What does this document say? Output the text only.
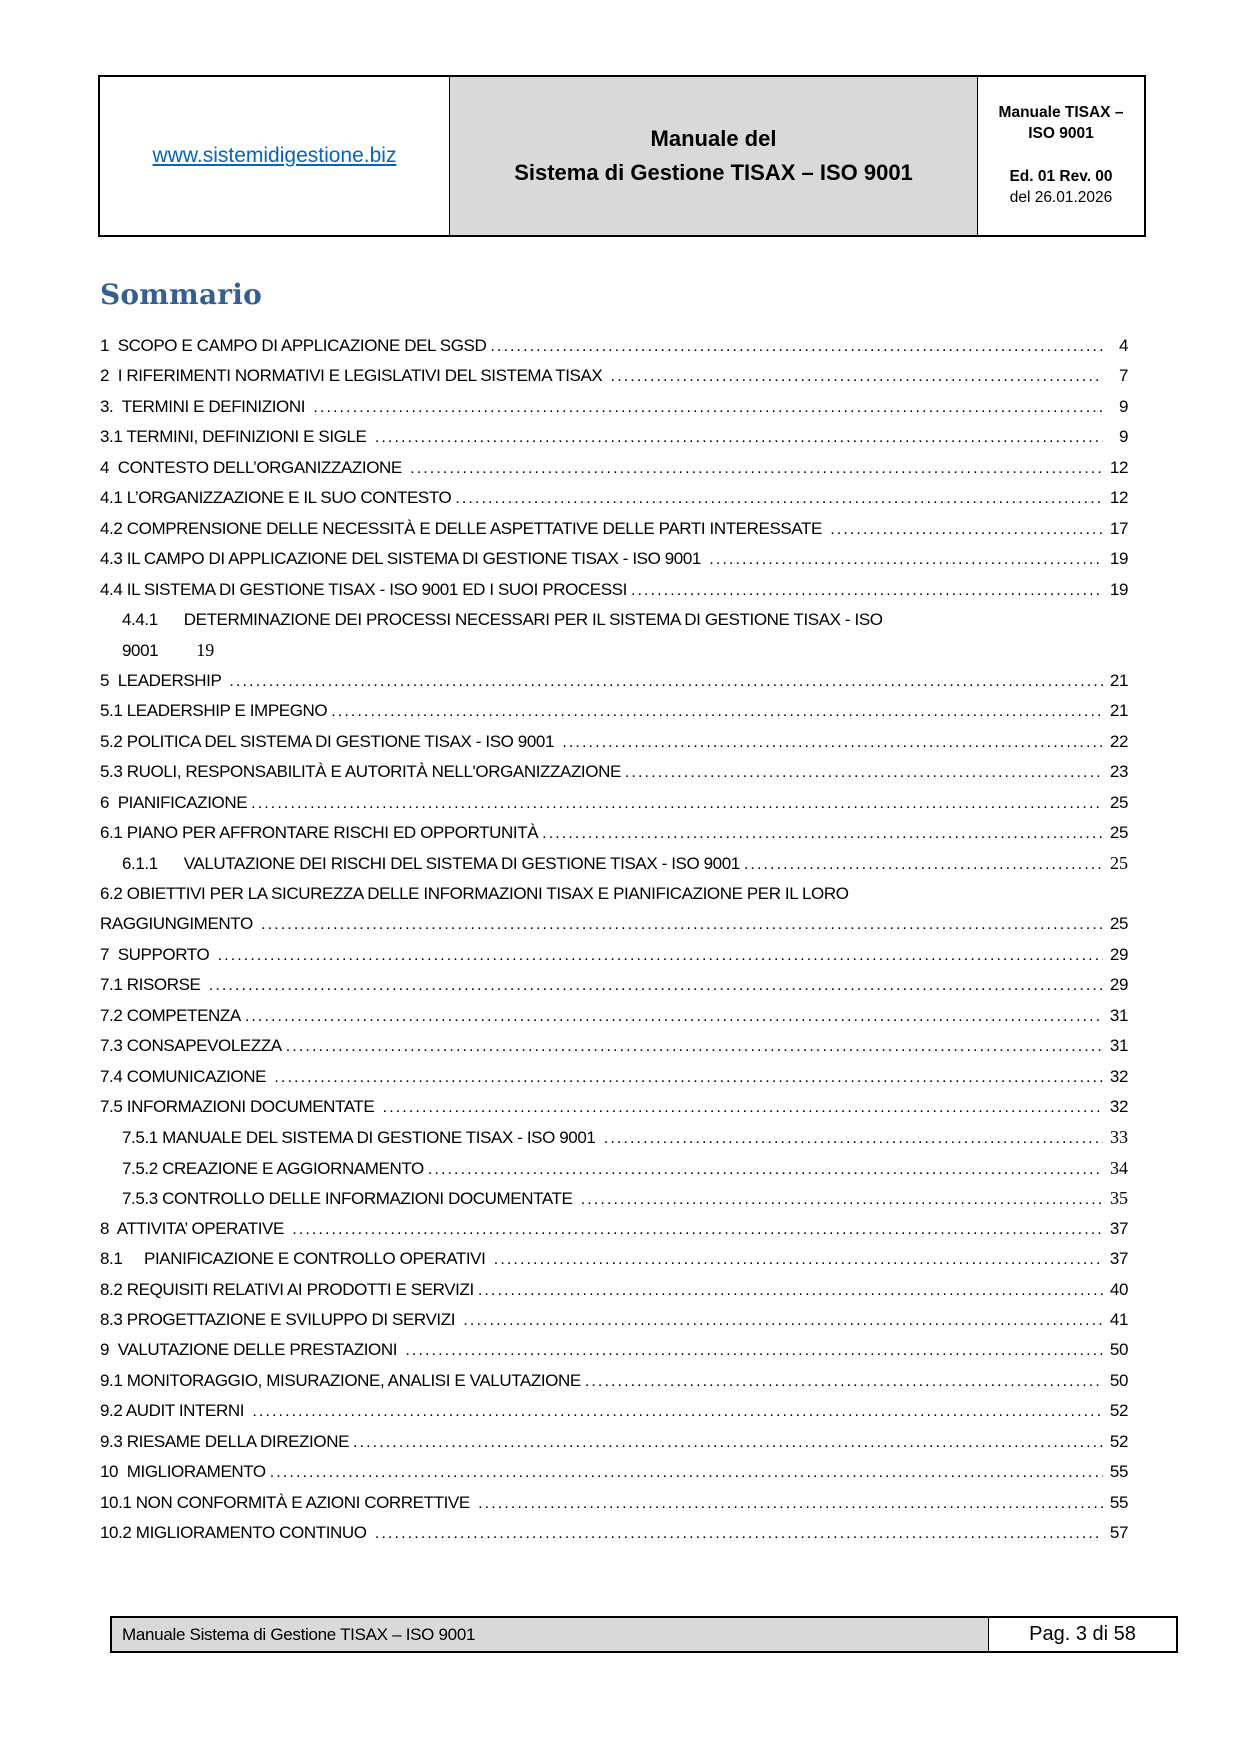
www.sistemidigestione.biz
Manuale del
Sistema di Gestione TISAX – ISO 9001
Manuale TISAX –
ISO 9001
Ed. 01 Rev. 00
del 26.01.2026
Sommario
1  SCOPO E CAMPO DI APPLICAZIONE DEL SGSD .....	4
2  I RIFERIMENTI NORMATIVI E LEGISLATIVI DEL SISTEMA TISAX .....	7
3.  TERMINI E DEFINIZIONI .....	9
3.1 TERMINI, DEFINIZIONI E SIGLE .....	9
4  CONTESTO DELL’ORGANIZZAZIONE .....	12
4.1 L’ORGANIZZAZIONE E IL SUO CONTESTO .....	12
4.2 COMPRENSIONE DELLE NECESSITÀ E DELLE ASPETTATIVE DELLE PARTI INTERESSATE .....	17
4.3 IL CAMPO DI APPLICAZIONE DEL SISTEMA DI GESTIONE TISAX - ISO 9001 .....	19
4.4 IL SISTEMA DI GESTIONE TISAX - ISO 9001 ED I SUOI PROCESSI .....	19
4.4.1      DETERMINAZIONE DEI PROCESSI NECESSARI PER IL SISTEMA DI GESTIONE TISAX - ISO
9001 19
5  LEADERSHIP .....	21
5.1 LEADERSHIP E IMPEGNO .....	21
5.2 POLITICA DEL SISTEMA DI GESTIONE TISAX - ISO 9001 .....	22
5.3 RUOLI, RESPONSABILITÀ E AUTORITÀ NELL'ORGANIZZAZIONE .....	23
6  PIANIFICAZIONE .....	25
6.1 PIANO PER AFFRONTARE RISCHI ED OPPORTUNITÀ .....	25
6.1.1      VALUTAZIONE DEI RISCHI DEL SISTEMA DI GESTIONE TISAX - ISO 9001 .....	25
6.2 OBIETTIVI PER LA SICUREZZA DELLE INFORMAZIONI TISAX E PIANIFICAZIONE PER IL LORO
RAGGIUNGIMENTO .....	25
7  SUPPORTO .....	29
7.1 RISORSE .....	29
7.2 COMPETENZA .....	31
7.3 CONSAPEVOLEZZA .....	31
7.4 COMUNICAZIONE .....	32
7.5 INFORMAZIONI DOCUMENTATE .....	32
7.5.1 MANUALE DEL SISTEMA DI GESTIONE TISAX - ISO 9001 .....	33
7.5.2 CREAZIONE E AGGIORNAMENTO .....	34
7.5.3 CONTROLLO DELLE INFORMAZIONI DOCUMENTATE .....	35
8  ATTIVITA’ OPERATIVE .....	37
8.1     PIANIFICAZIONE E CONTROLLO OPERATIVI .....	37
8.2 REQUISITI RELATIVI AI PRODOTTI E SERVIZI .....	40
8.3 PROGETTAZIONE E SVILUPPO DI SERVIZI .....	41
9  VALUTAZIONE DELLE PRESTAZIONI .....	50
9.1 MONITORAGGIO, MISURAZIONE, ANALISI E VALUTAZIONE .....	50
9.2 AUDIT INTERNI .....	52
9.3 RIESAME DELLA DIREZIONE .....	52
10  MIGLIORAMENTO .....	55
10.1 NON CONFORMITÀ E AZIONI CORRETTIVE .....	55
10.2 MIGLIORAMENTO CONTINUO .....	57
Manuale Sistema di Gestione TISAX – ISO 9001	Pag. 3 di 58
